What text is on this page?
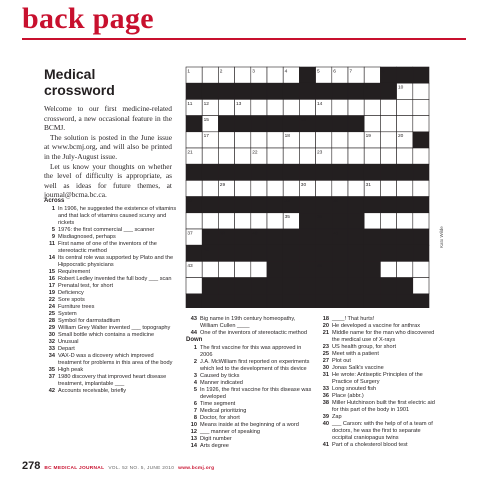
back page
Medical
crossword

Welcome to our first medicine-related crossword, a new occasional feature in the BCMJ.

The solution is posted in the June issue at www.bcmj.org, and will also be printed in the July-August issue.

Let us know your thoughts on whether the level of difficulty is appropriate, as well as ideas for future themes, at journal@bcma.bc.ca.

1	2	3	4	5	6	7	8
9	10
11 12	13	14
15	16
17	18	19	20
21	22	23
24	25	26	27 28
29	30	31
32	33	34
35	36
37 38 39	40	41
42
43	44
Kato Wilde
Across
1 In 1906, he suggested the existence of vitamins and that lack of vitamins caused scurvy and rickets
5 1976: the first commercial ___ scanner
9 Misdiagnosed, perhaps
11 First name of one of the inventors of the stereotactic method
14 Its central role was supported by Plato and the Hippocratic physicians
15 Requirement
16 Robert Ledley invented the full body ___ scan
17 Prenatal test, for short
19 Deficiency
22 Sore spots
24 Furniture trees
25 System
28 Symbol for darmstadtium
29 William Grey Walter invented ___ topography
30 Small bottle which contains a medicine
32 Unusual
33 Depart
34 VAX-D was a dicovery which improved treatment for problems in this area of the body
35 High peak
37 1980 discovery that improved heart disease treatment, implantable ___
42 Accounts receivable, briefly
43 Big name in 19th century homeopathy, William Cullen ____
44 One of the inventors of stereotactic method
Down
1 The first vaccine for this was approved in 2006
2 J.A. McWilliam first reported on experiments which led to the development of this device
3 Caused by ticks
4 Manner indicated
5 In 1926, the first vaccine for this disease was developed
6 Time segment
7 Medical prioritizing
8 Doctor, for short
10 Means inside at the beginning of a word
12 ___ manner of speaking
13 Digit number
14 Arts degree
18 ____! That hurts!
20 He developed a vaccine for anthrax
21 Middle name for the man who discovered the medical use of X-rays
23 US health group, for short
25 Meet with a patient
27 Plot out
30 Jonas Salk's vaccine
31 He wrote: Antiseptic Principles of the Practice of Surgery
33 Long snouted fish
36 Place (abbr.)
38 Miller Hutchinson built the first electric aid for this part of the body in 1901
39 Zap
40 ___ Carson: with the help of of a team of doctors, he was the first to separate occipital craniopagus twins
41 Part of a cholesterol blood test
278 BC MEDICAL JOURNAL VOL. 52 NO. 5, JUNE 2010 www.bcmj.org
